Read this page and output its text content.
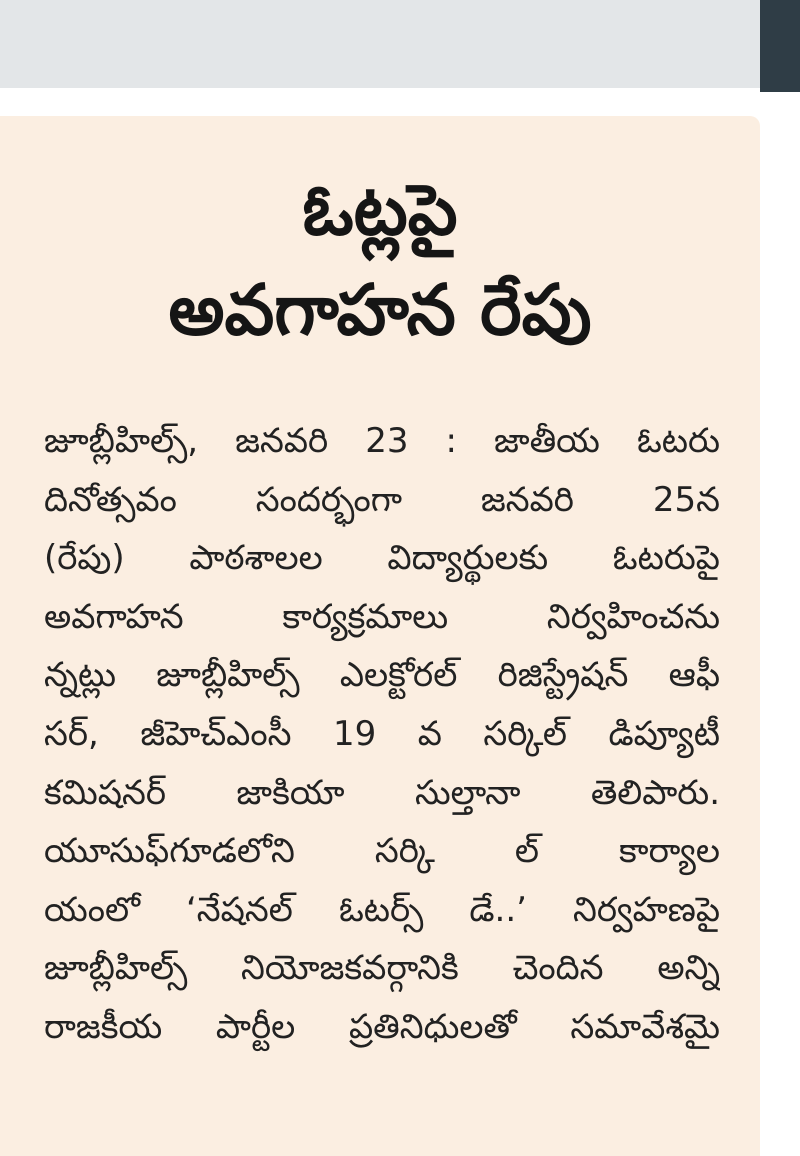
ఓట్లపై
అవగాహన రేపు
జూబ్లీహిల్స్, జనవరి 23 : జాతీయ ఓటరు
దినోత్సవం సందర్భంగా జనవరి 25న
(రేపు) పాఠశాలల విద్యార్థులకు ఓటరుపై
అవగాహన కార్యక్రమాలు నిర్వహించను
న్నట్లు జూబ్లీహిల్స్ ఎలక్టోరల్ రిజిస్ట్రేషన్ ఆఫీ
సర్, జీహెచ్ఎంసీ 19 వ సర్కిల్ డిప్యూటీ
కమిషనర్ జాకియా సుల్తానా తెలిపారు.
యూసుఫ్‌గూడలోని సర్కి ల్ కార్యాల
యంలో ‘నేషనల్ ఓటర్స్ డే..’ నిర్వహణపై
జూబ్లీహిల్స్ నియోజకవర్గానికి చెందిన అన్ని
రాజకీయ పార్టీల ప్రతినిధులతో సమావేశమై
